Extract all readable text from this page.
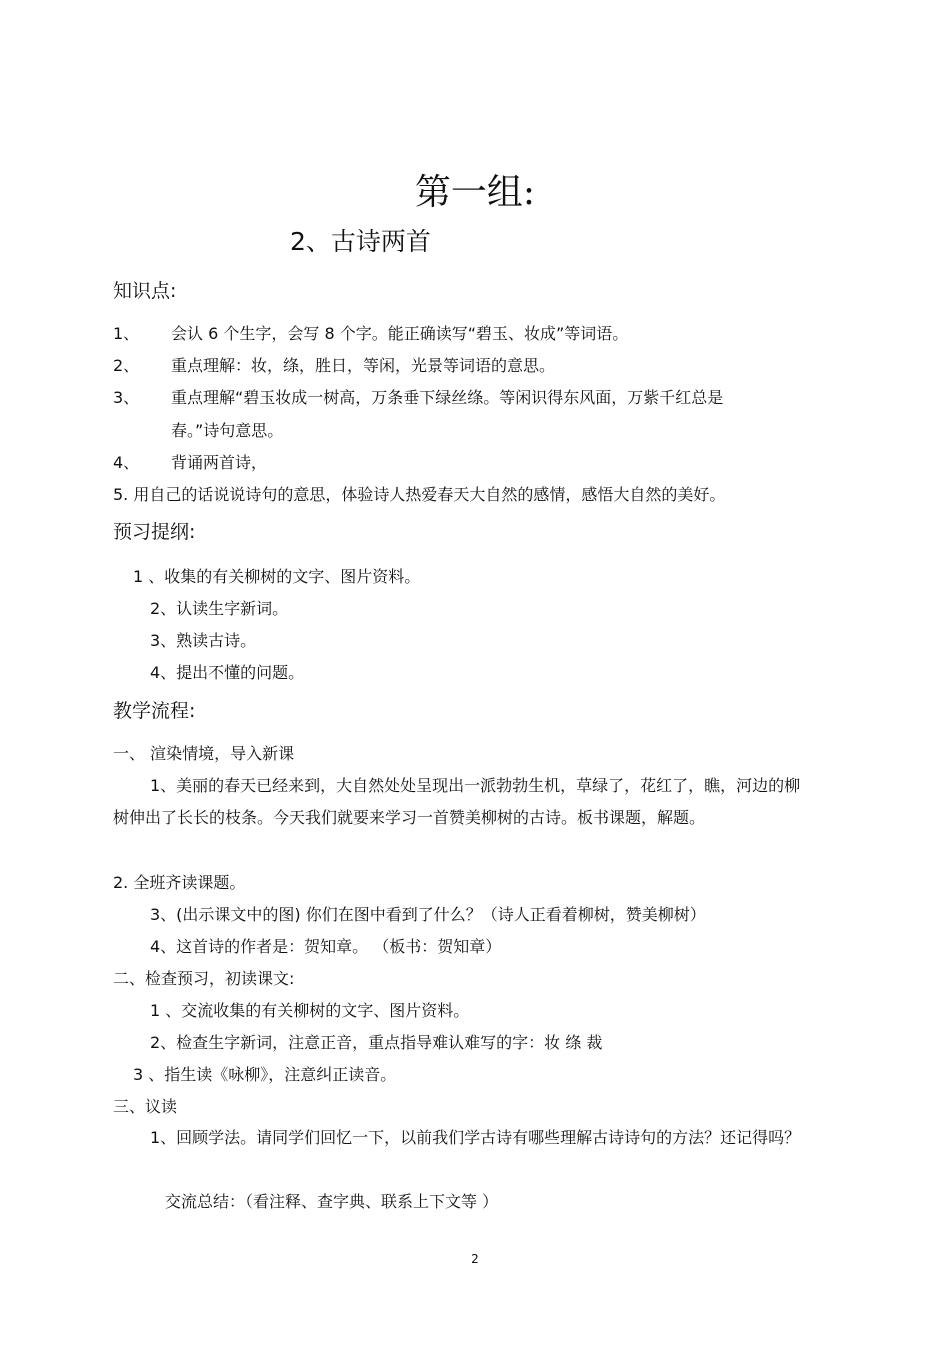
第一组:
2、古诗两首
知识点:
1、 会认 6 个生字，会写 8 个字。能正确读写“碧玉、妆成”等词语。
2、 重点理解：妆，绦，胜日，等闲，光景等词语的意思。
3、 重点理解“碧玉妆成一树高，万条垂下绿丝绦。等闲识得东风面，万紫千红总是
春。”诗句意思。
4、 背诵两首诗，
5. 用自己的话说说诗句的意思，体验诗人热爱春天大自然的感情，感悟大自然的美好。
预习提纲:
1 、收集的有关柳树的文字、图片资料。
2、认读生字新词。
3、熟读古诗。
4、提出不懂的问题。
教学流程:
一、 渲染情境，导入新课
1、美丽的春天已经来到，大自然处处呈现出一派勃勃生机，草绿了，花红了，瞧，河边的柳树伸出了长长的枝条。今天我们就要来学习一首赞美柳树的古诗。板书课题，解题。
2. 全班齐读课题。
3、(出示课文中的图) 你们在图中看到了什么？（诗人正看着柳树，赞美柳树）
4、这首诗的作者是：贺知章。 （板书：贺知章）
二、检查预习，初读课文:
1 、交流收集的有关柳树的文字、图片资料。
2、检查生字新词，注意正音，重点指导难认难写的字：妆 绦 裁
3 、指生读《咏柳》，注意纠正读音。
三、议读
1、回顾学法。请同学们回忆一下，以前我们学古诗有哪些理解古诗诗句的方法？还记得吗？
交流总结：（看注释、查字典、联系上下文等 ）
2
